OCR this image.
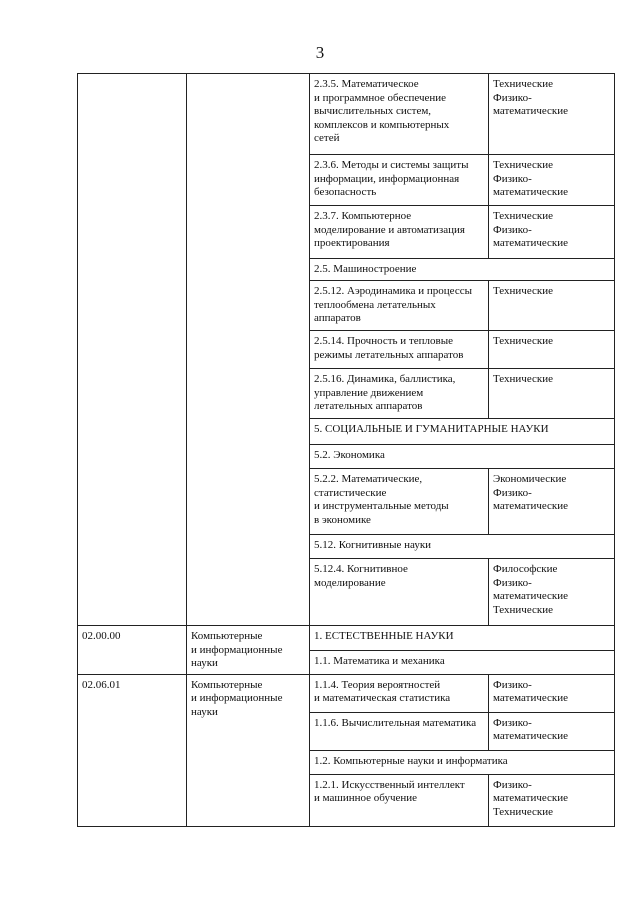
3
		2.3.5. Математическое
и программное обеспечение
вычислительных систем,
комплексов и компьютерных
сетей	Технические
Физико-
математические
		2.3.6. Методы и системы защиты
информации, информационная
безопасность	Технические
Физико-
математические
		2.3.7. Компьютерное
моделирование и автоматизация
проектирования	Технические
Физико-
математические
		2.5. Машиностроение	
		2.5.12. Аэродинамика и процессы
теплообмена летательных
аппаратов	Технические
		2.5.14. Прочность и тепловые
режимы летательных аппаратов	Технические
		2.5.16. Динамика, баллистика,
управление движением
летательных аппаратов	Технические
		5. СОЦИАЛЬНЫЕ И ГУМАНИТАРНЫЕ НАУКИ	
		5.2. Экономика	
		5.2.2. Математические,
статистические
и инструментальные методы
в экономике	Экономические
Физико-
математические
		5.12. Когнитивные науки	
		5.12.4. Когнитивное
моделирование	Философские
Физико-
математические
Технические
02.00.00	Компьютерные
и информационные
науки	1. ЕСТЕСТВЕННЫЕ НАУКИ	
		1.1. Математика и механика	
02.06.01	Компьютерные
и информационные
науки	1.1.4. Теория вероятностей
и математическая статистика	Физико-
математические
		1.1.6. Вычислительная математика	Физико-
математические
		1.2. Компьютерные науки и информатика	
		1.2.1. Искусственный интеллект
и машинное обучение	Физико-
математические
Технические
